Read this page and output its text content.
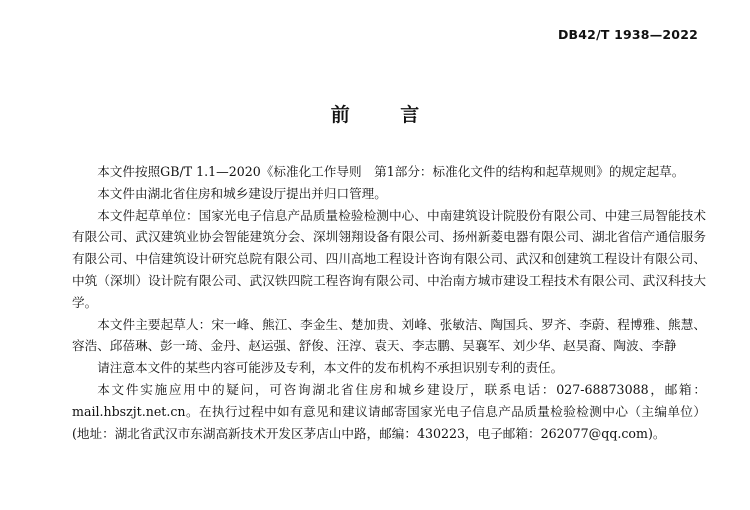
DB42/T 1938—2022
前 言

本文件按照GB/T 1.1—2020《标准化工作导则　第1部分：标准化文件的结构和起草规则》的规定起草。

本文件由湖北省住房和城乡建设厅提出并归口管理。

本文件起草单位：国家光电子信息产品质量检验检测中心、中南建筑设计院股份有限公司、中建三局智能技术有限公司、武汉建筑业协会智能建筑分会、深圳翎翔设备有限公司、扬州新菱电器有限公司、湖北省信产通信服务有限公司、中信建筑设计研究总院有限公司、四川高地工程设计咨询有限公司、武汉和创建筑工程设计有限公司、中筑（深圳）设计院有限公司、武汉铁四院工程咨询有限公司、中治南方城市建设工程技术有限公司、武汉科技大学。

本文件主要起草人：宋一峰、熊江、李金生、楚加贵、刘峰、张敏洁、陶国兵、罗齐、李蔚、程博雅、熊慧、容浩、邱蓓琳、彭一琦、金丹、赵运强、舒俊、汪淳、袁天、李志鹏、吴襄军、刘少华、赵昊裔、陶波、李静

请注意本文件的某些内容可能涉及专利，本文件的发布机构不承担识别专利的责任。

本文件实施应用中的疑问，可咨询湖北省住房和城乡建设厅，联系电话：027-68873088，邮箱：mail.hbszjt.net.cn。在执行过程中如有意见和建议请邮寄国家光电子信息产品质量检验检测中心（主编单位）(地址：湖北省武汉市东湖高新技术开发区茅店山中路，邮编：430223，电子邮箱：262077@qq.com)。
